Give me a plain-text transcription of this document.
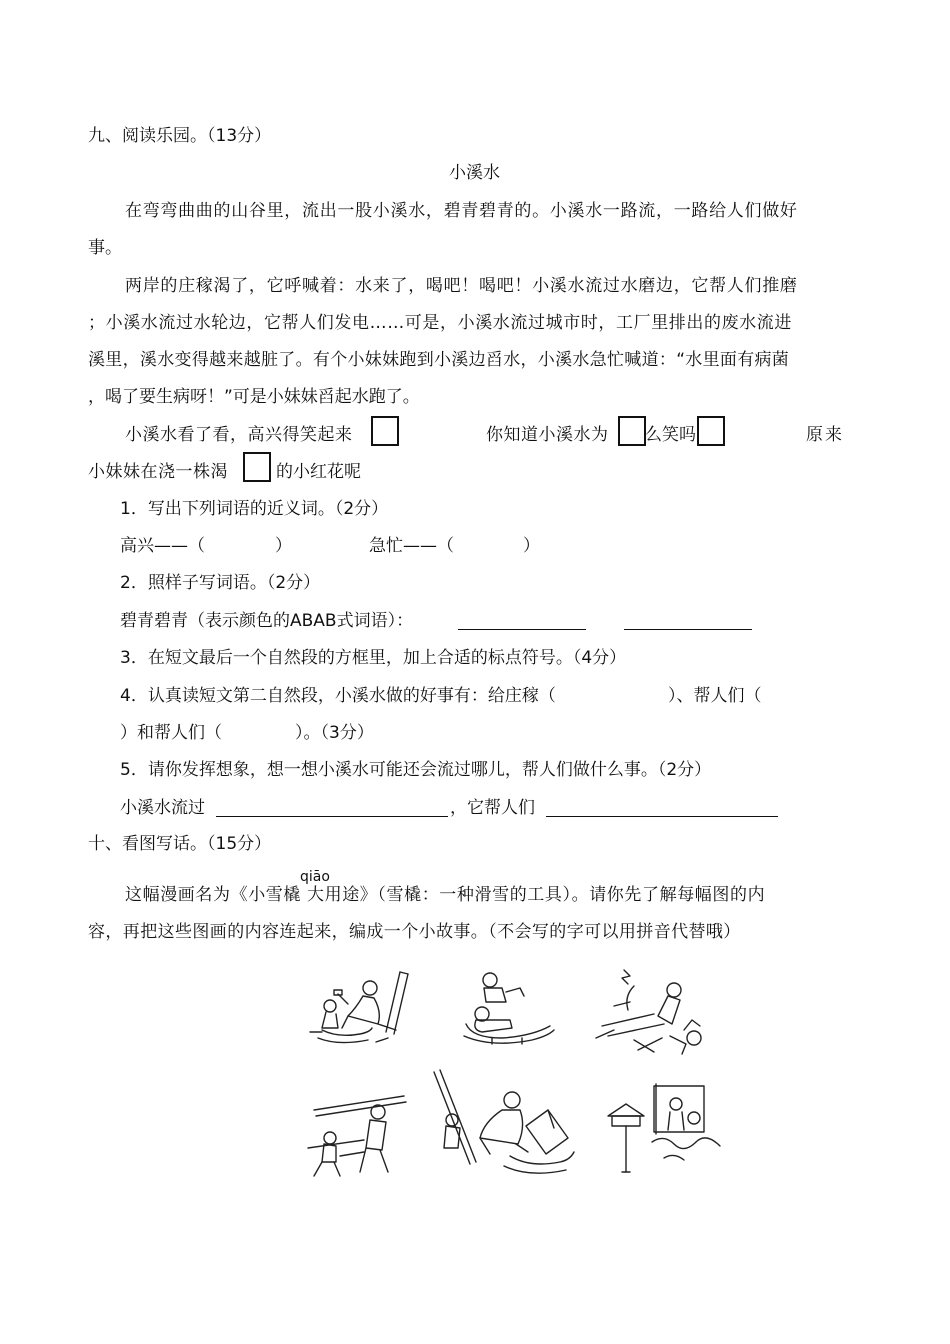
九、阅读乐园。（13分）
小溪水
在弯弯曲曲的山谷里，流出一股小溪水，碧青碧青的。小溪水一路流，一路给人们做好
事。
两岸的庄稼渴了，它呼喊着：水来了，喝吧！喝吧！小溪水流过水磨边，它帮人们推磨
；小溪水流过水轮边，它帮人们发电……可是，小溪水流过城市时，工厂里排出的废水流进
溪里，溪水变得越来越脏了。有个小妹妹跑到小溪边舀水，小溪水急忙喊道：“水里面有病菌
，喝了要生病呀！”可是小妹妹舀起水跑了。
小溪水看了看，高兴得笑起来	你知道小溪水为 么笑吗	原来
小妹妹在浇一株渴	的小红花呢
1．写出下列词语的近义词。（2分）
高兴——（	）	急忙——（	）
2．照样子写词语。（2分）
碧青碧青（表示颜色的ABAB式词语）：
3．在短文最后一个自然段的方框里，加上合适的标点符号。（4分）
4．认真读短文第二自然段，小溪水做的好事有：给庄稼（	）、帮人们（
）和帮人们（	）。（3分）
5．请你发挥想象，想一想小溪水可能还会流过哪儿，帮人们做什么事。（2分）
小溪水流过	，它帮人们
十、看图写话。（15分）
qiāo
这幅漫画名为《小雪橇 大用途》（雪橇：一种滑雪的工具）。请你先了解每幅图的内
容，再把这些图画的内容连起来，编成一个小故事。（不会写的字可以用拼音代替哦）
